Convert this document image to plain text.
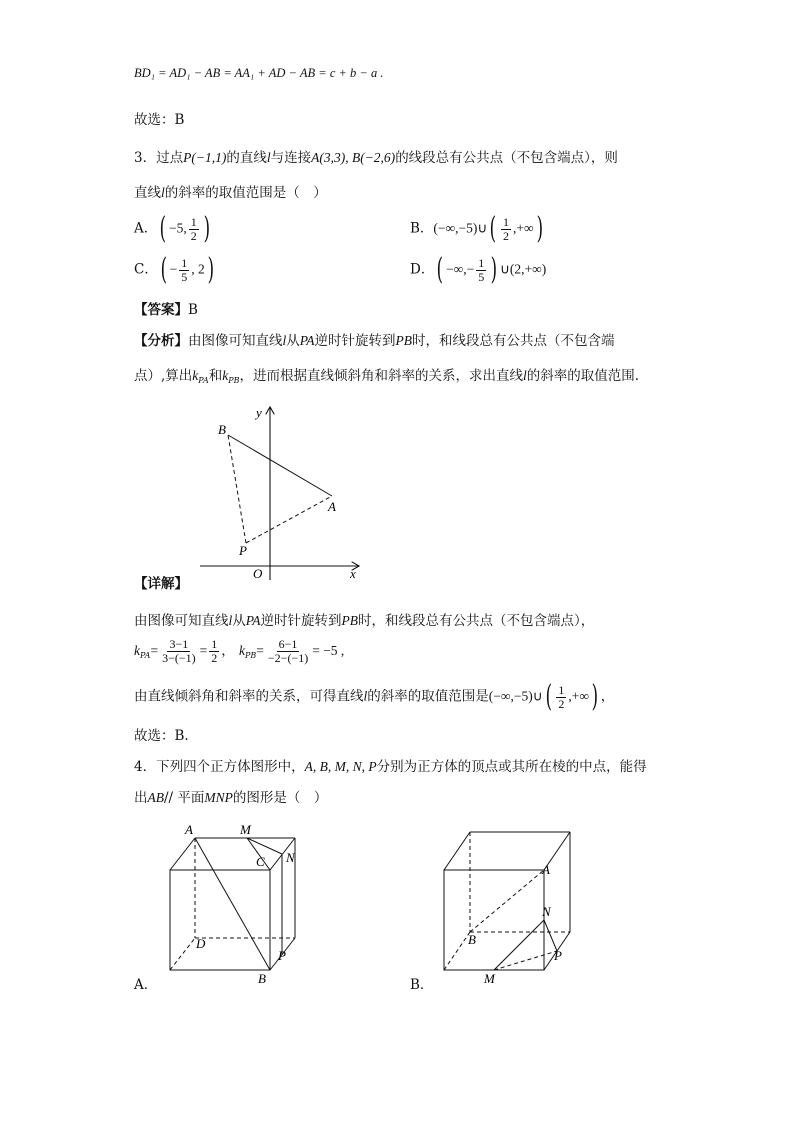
BD₁ = AD₁ − AB = AA₁ + AD − AB = c + b − a .
故选：B
3．过点P(−1,1)的直线l与连接A(3,3), B(−2,6)的线段总有公共点（不包含端点），则
直线l的斜率的取值范围是（　）
A．( −5, $\frac{1}{2}$ )	B．(−∞,−5)∪( $\frac{1}{2}$ ,+∞)
C．( − $\frac{1}{5}$ , 2)	D．( −∞,− $\frac{1}{5}$ ) ∪(2,+∞)
【答案】B
【分析】由图像可知直线l从PA逆时针旋转到PB时，和线段总有公共点（不包含端
点）,算出$k_{PA}$和$k_{PB}$，进而根据直线倾斜角和斜率的关系，求出直线l的斜率的取值范围.
B
A
P
O	x
y
【详解】
由图像可知直线l从PA逆时针旋转到PB时，和线段总有公共点（不包含端点），
$k_{PA}= \frac{3-1}{3-(-1)} = \frac{1}{2}$ ， $k_{PB}= \frac{6-1}{-2-(-1)} = -5$ ,
由直线倾斜角和斜率的关系，可得直线l的斜率的取值范围是(−∞,−5)∪( $\frac{1}{2}$ ,+∞) ，
故选：B.
4．下列四个正方体图形中，A, B, M, N, P分别为正方体的顶点或其所在棱的中点，能得
出AB// 平面MNP的图形是（　）
A	M
C N
D
B
P
A．
A
N
B
P
M
B．
